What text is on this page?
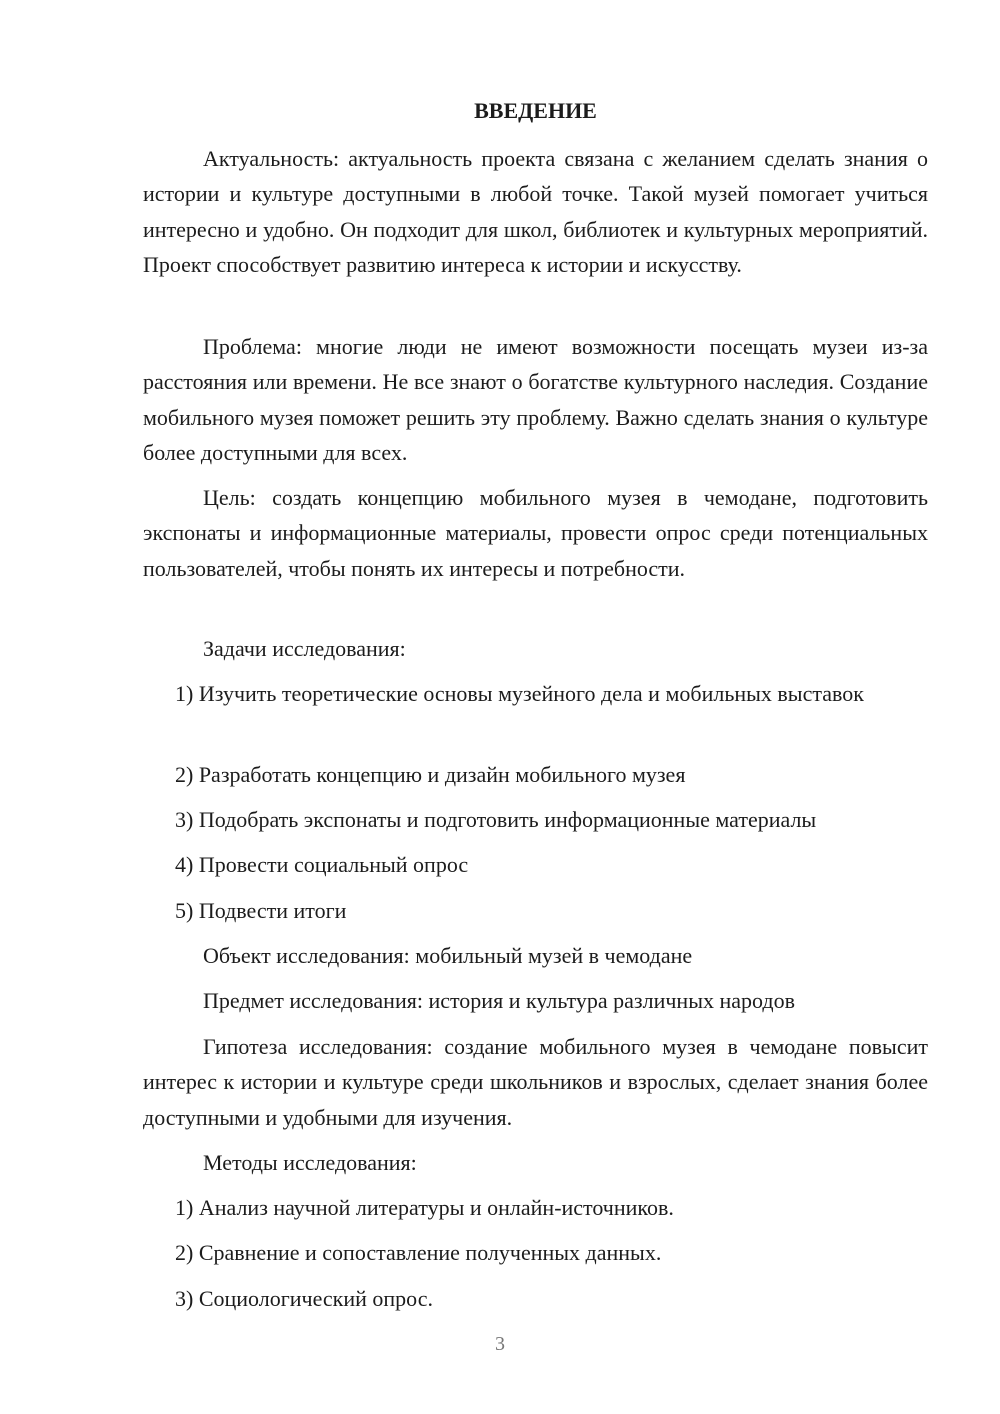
ВВЕДЕНИЕ

Актуальность: актуальность проекта связана с желанием сделать знания о истории и культуре доступными в любой точке. Такой музей помогает учиться интересно и удобно. Он подходит для школ, библиотек и культурных мероприятий. Проект способствует развитию интереса к истории и искусству.

Проблема: многие люди не имеют возможности посещать музеи из-за расстояния или времени. Не все знают о богатстве культурного наследия. Создание мобильного музея поможет решить эту проблему. Важно сделать знания о культуре более доступными для всех.

Цель: создать концепцию мобильного музея в чемодане, подготовить экспонаты и информационные материалы, провести опрос среди потенциальных пользователей, чтобы понять их интересы и потребности.

Задачи исследования:

1) Изучить теоретические основы музейного дела и мобильных выставок

2) Разработать концепцию и дизайн мобильного музея

3) Подобрать экспонаты и подготовить информационные материалы

4) Провести социальный опрос

5) Подвести итоги

Объект исследования: мобильный музей в чемодане

Предмет исследования: история и культура различных народов

Гипотеза исследования: создание мобильного музея в чемодане повысит интерес к истории и культуре среди школьников и взрослых, сделает знания более доступными и удобными для изучения.

Методы исследования:

1) Анализ научной литературы и онлайн-источников.

2) Сравнение и сопоставление полученных данных.

3) Социологический опрос.

3
